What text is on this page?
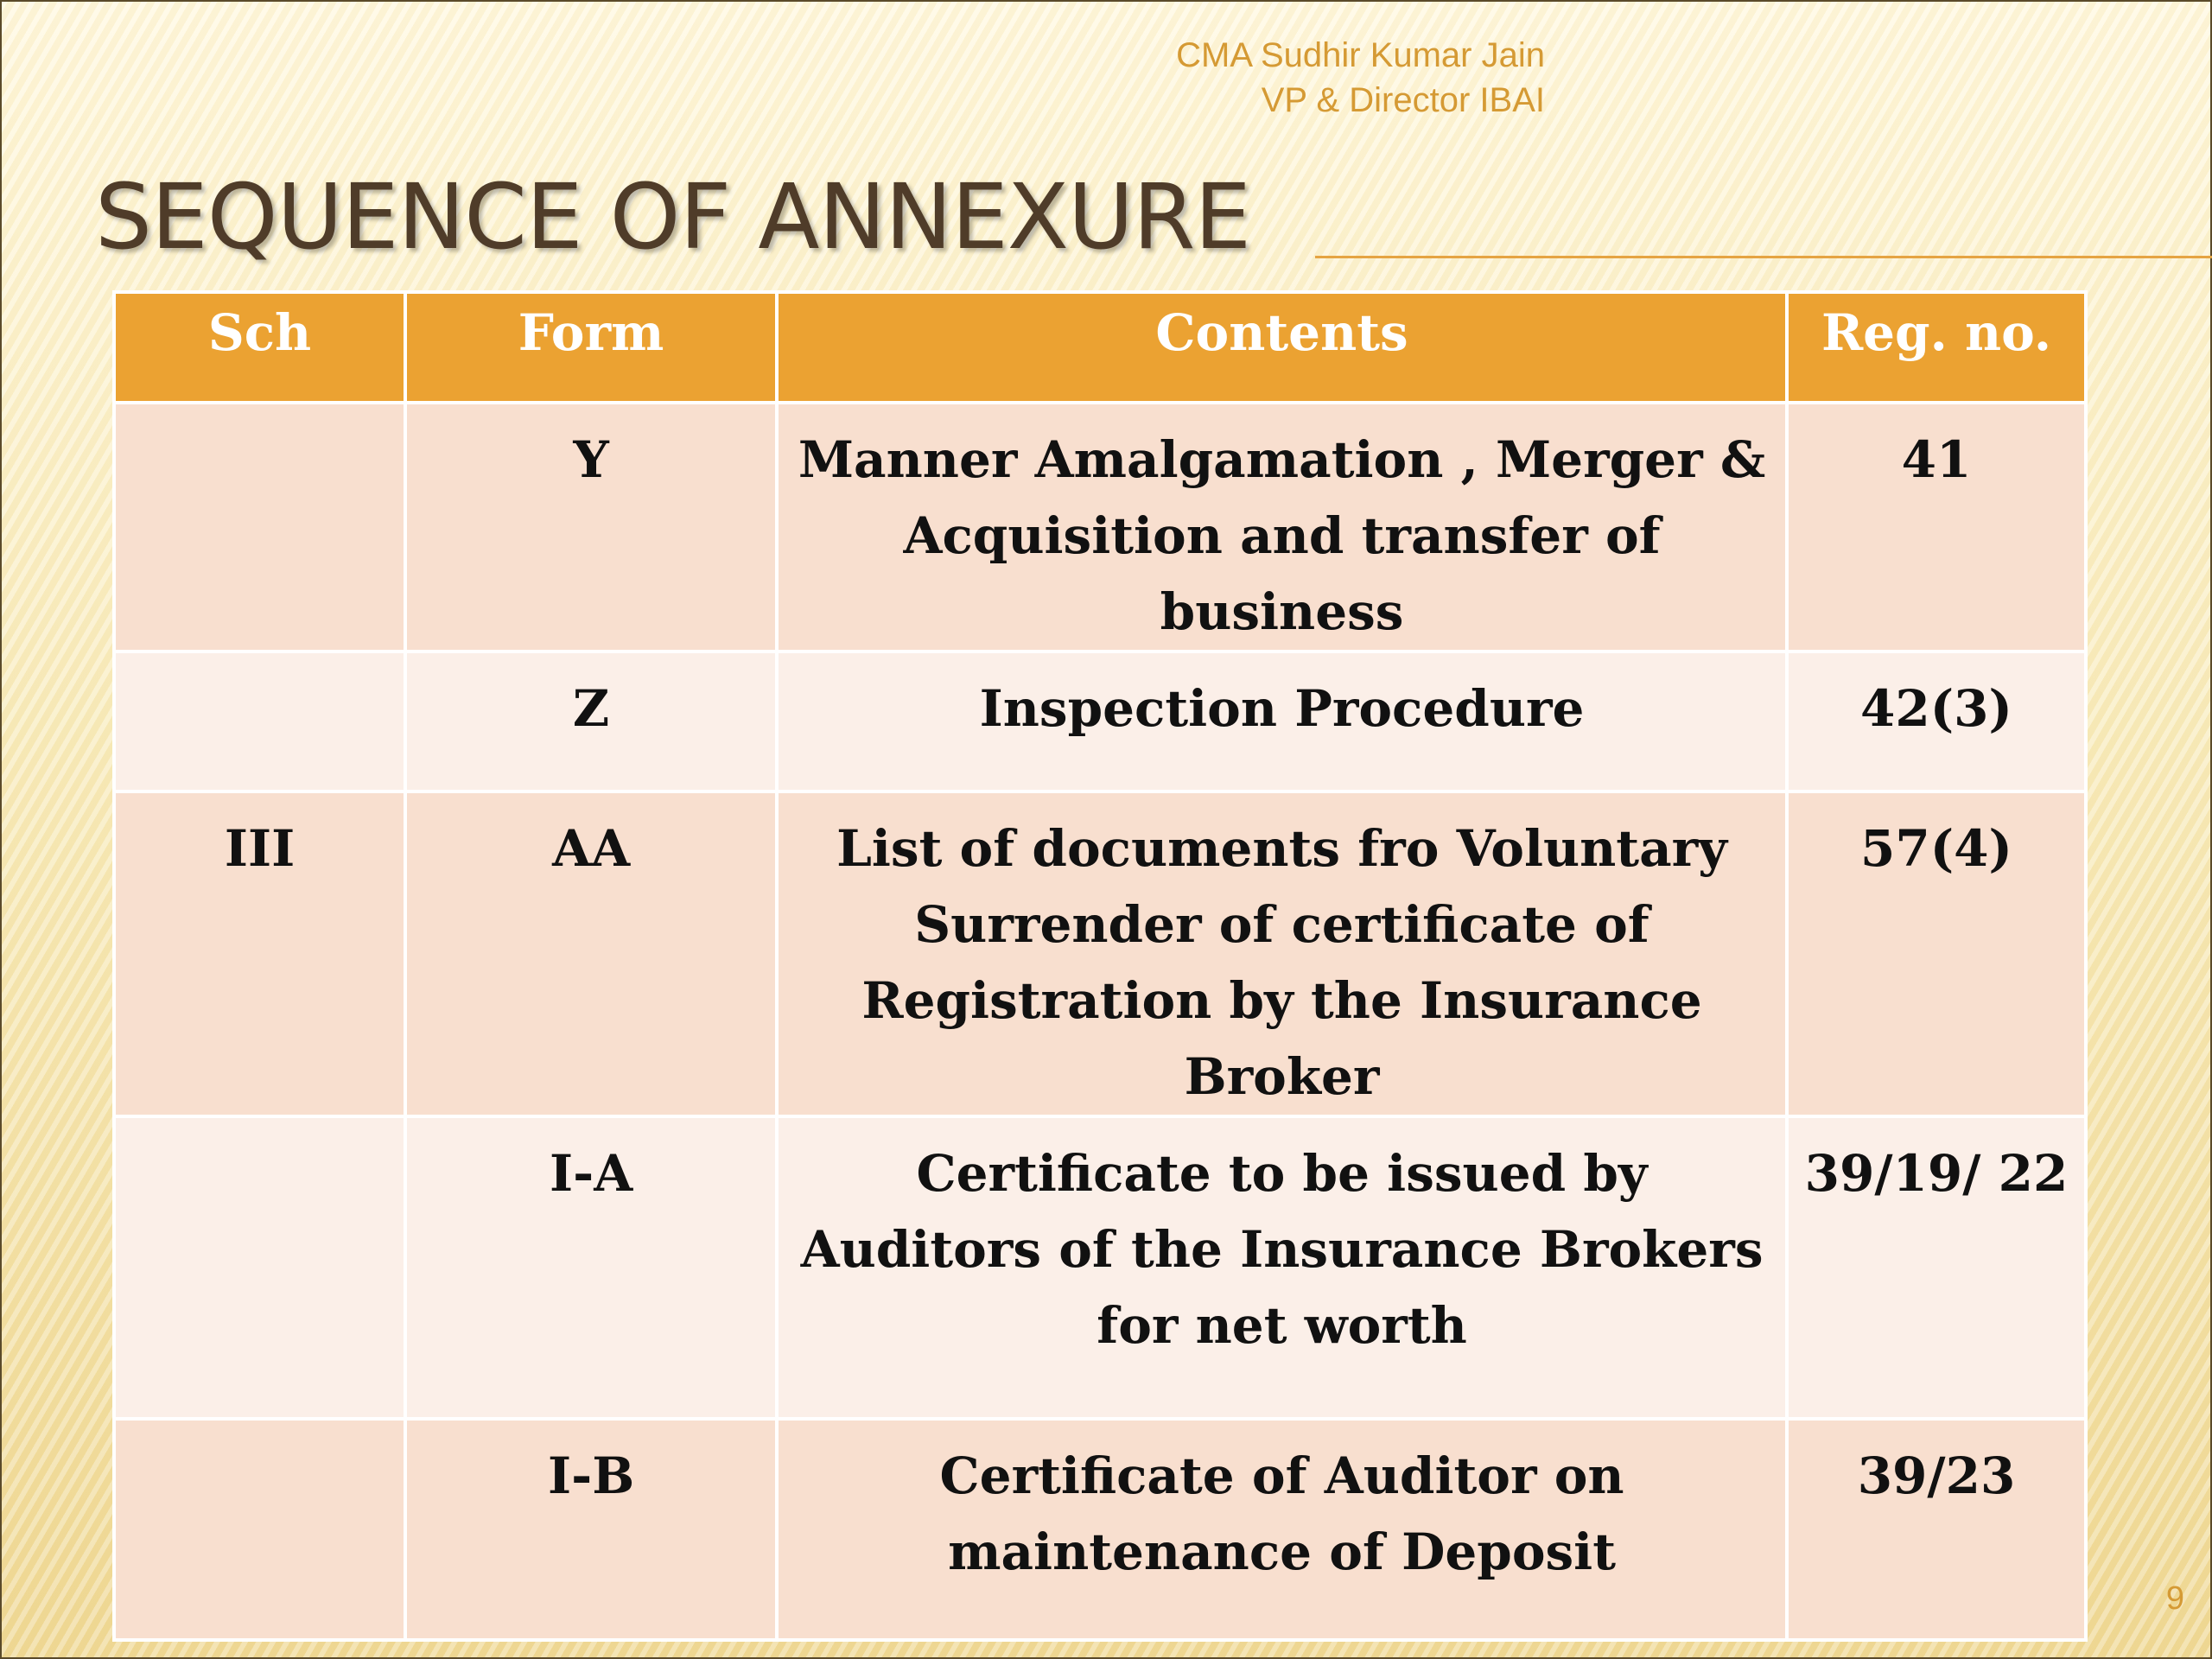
CMA Sudhir Kumar Jain
VP & Director IBAI
SEQUENCE OF ANNEXURE
Sch	Form	Contents	Reg. no.
	Y	Manner Amalgamation , Merger & Acquisition and transfer of business	41
	Z	Inspection Procedure	42(3)
III	AA	List of documents fro Voluntary Surrender of certificate of Registration by the Insurance Broker	57(4)
	I-A	Certificate to be issued by Auditors of the Insurance Brokers for net worth	39/19/ 22
	I-B	Certificate of Auditor on maintenance of Deposit	39/23
9
